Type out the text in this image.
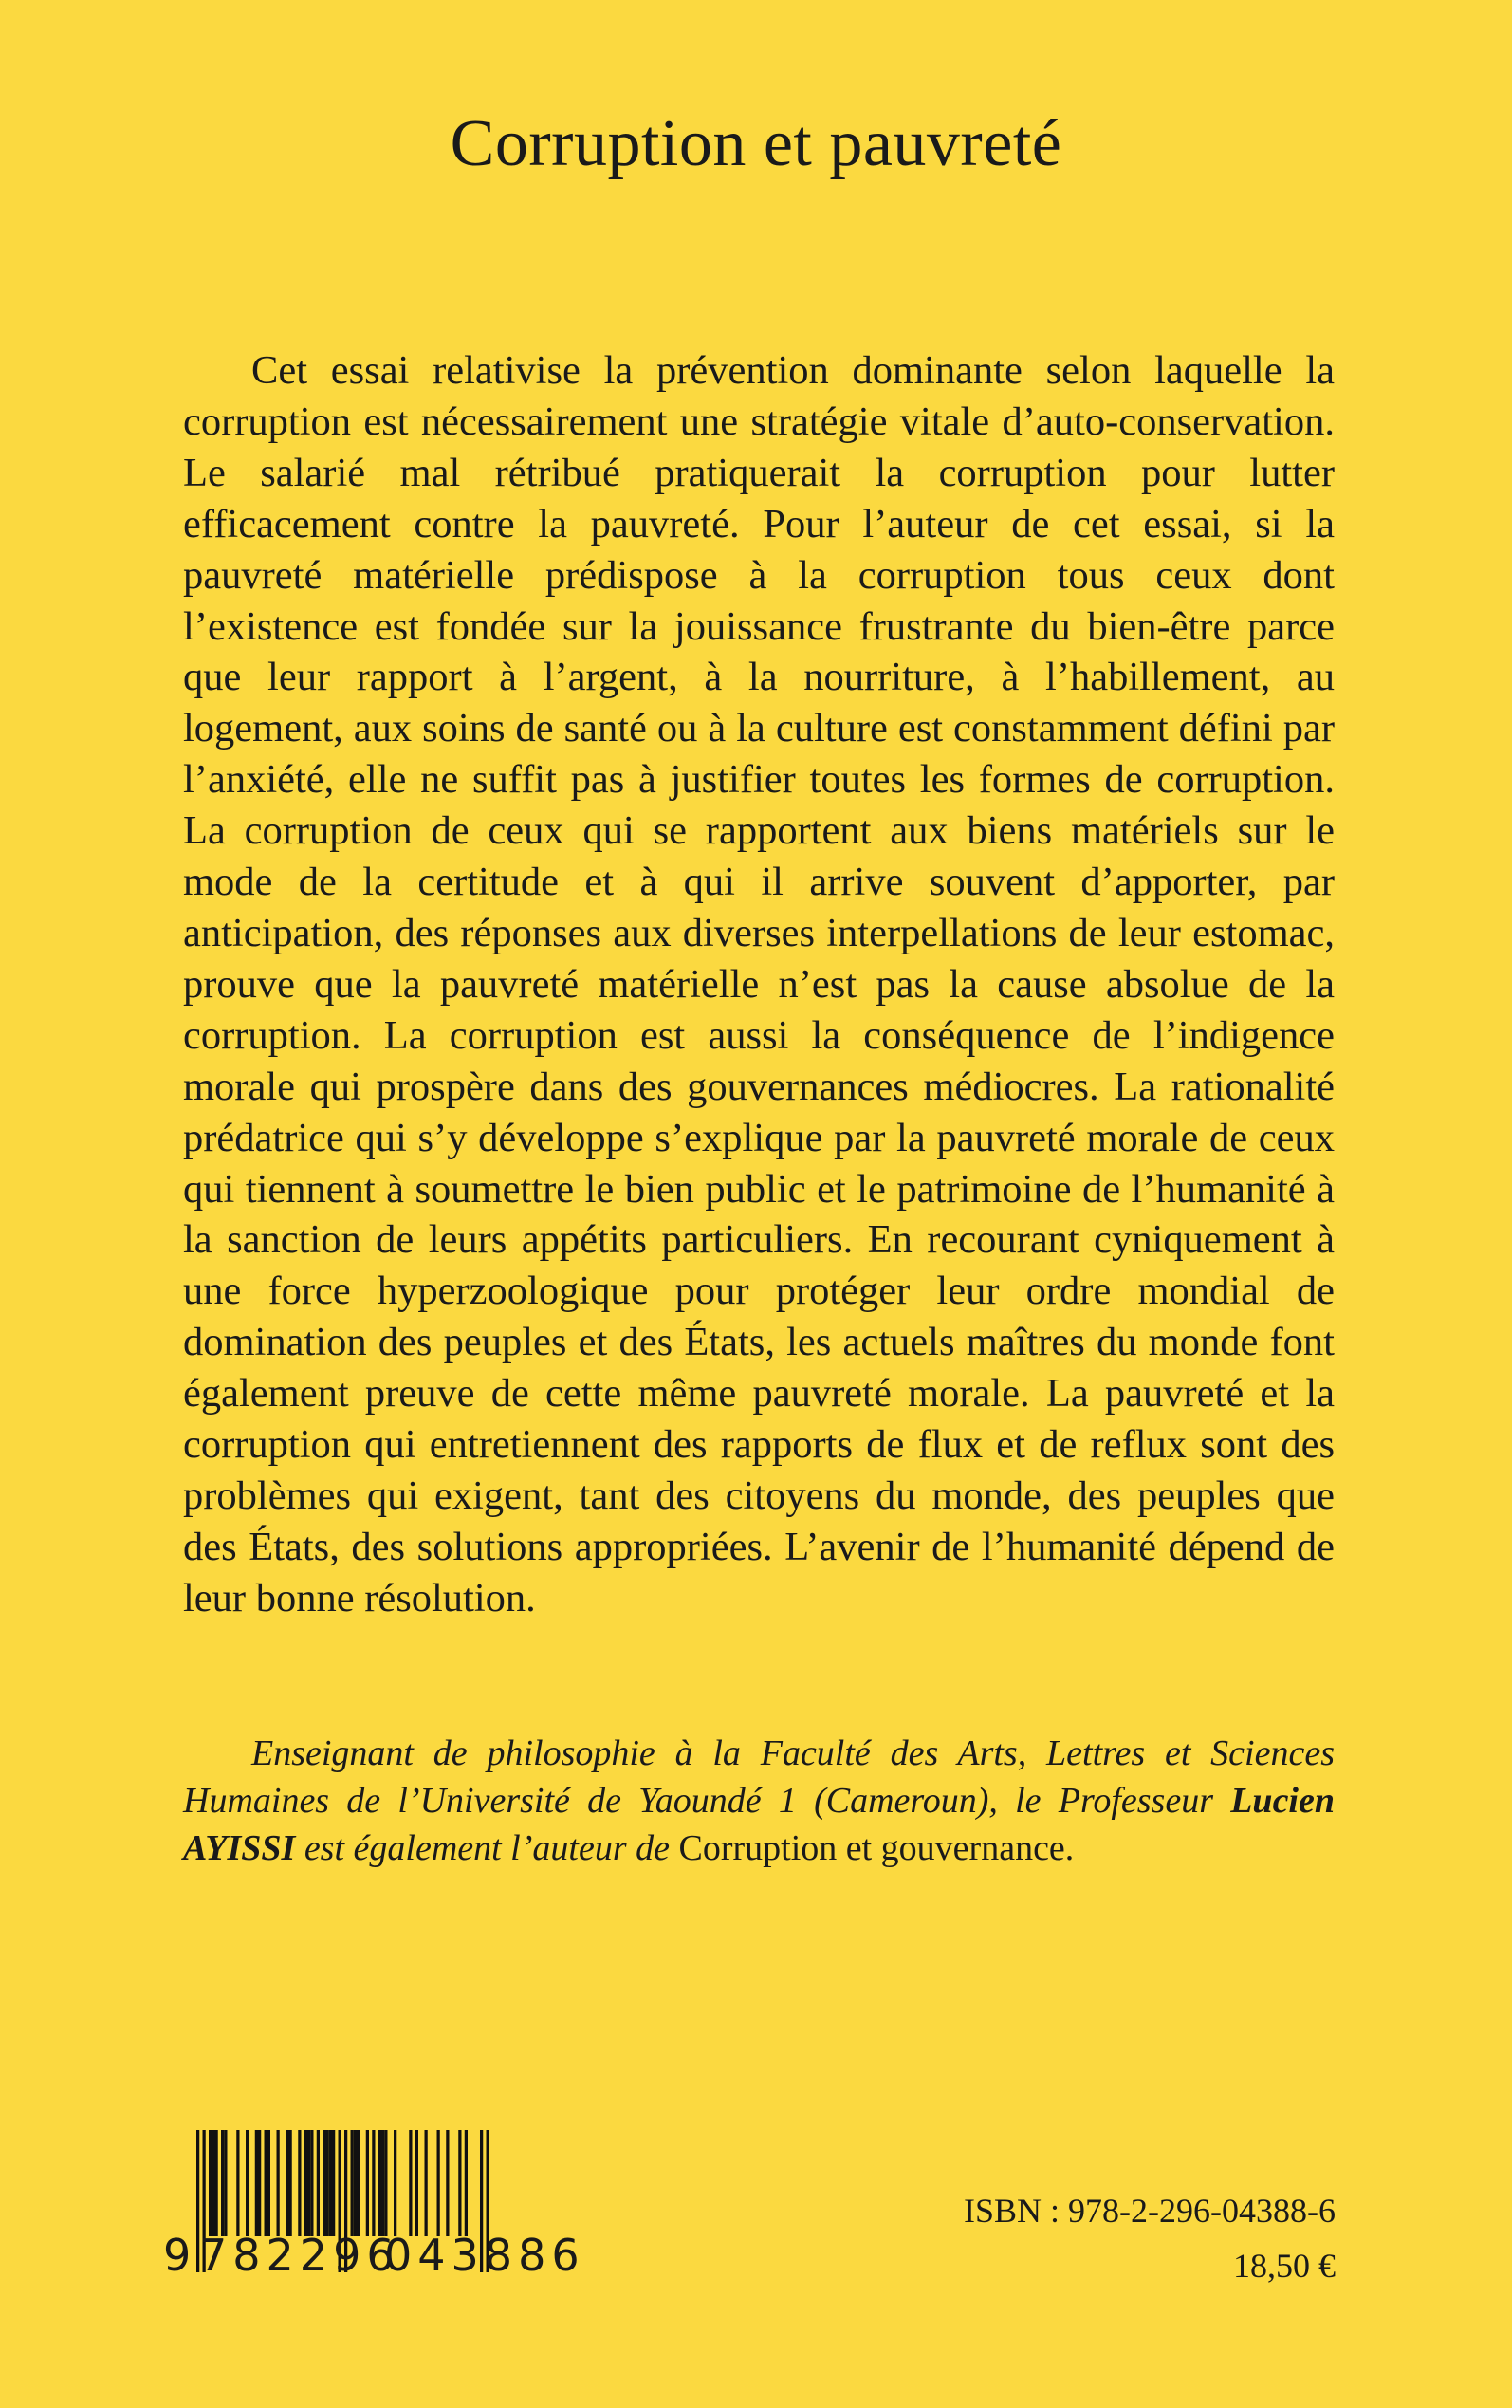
Corruption et pauvreté

Cet essai relativise la prévention dominante selon laquelle la corruption est nécessairement une stratégie vitale d’auto-conservation. Le salarié mal rétribué pratiquerait la corruption pour lutter efficacement contre la pauvreté. Pour l’auteur de cet essai, si la pauvreté matérielle prédispose à la corruption tous ceux dont l’existence est fondée sur la jouissance frustrante du bien-être parce que leur rapport à l’argent, à la nourriture, à l’habillement, au logement, aux soins de santé ou à la culture est constamment défini par l’anxiété, elle ne suffit pas à justifier toutes les formes de corruption. La corruption de ceux qui se rapportent aux biens matériels sur le mode de la certitude et à qui il arrive souvent d’apporter, par anticipation, des réponses aux diverses interpellations de leur estomac, prouve que la pauvreté matérielle n’est pas la cause absolue de la corruption. La corruption est aussi la conséquence de l’indigence morale qui prospère dans des gouvernances médiocres. La rationalité prédatrice qui s’y développe s’explique par la pauvreté morale de ceux qui tiennent à soumettre le bien public et le patrimoine de l’humanité à la sanction de leurs appétits particuliers. En recourant cyniquement à une force hyperzoologique pour protéger leur ordre mondial de domination des peuples et des États, les actuels maîtres du monde font également preuve de cette même pauvreté morale. La pauvreté et la corruption qui entretiennent des rapports de flux et de reflux sont des problèmes qui exigent, tant des citoyens du monde, des peuples que des États, des solutions appropriées. L’avenir de l’humanité dépend de leur bonne résolution.

Enseignant de philosophie à la Faculté des Arts, Lettres et Sciences Humaines de l’Université de Yaoundé 1 (Cameroun), le Professeur Lucien AYISSI est également l’auteur de Corruption et gouvernance.

9 782296
043886
ISBN : 978-2-296-04388-6
18,50 €
